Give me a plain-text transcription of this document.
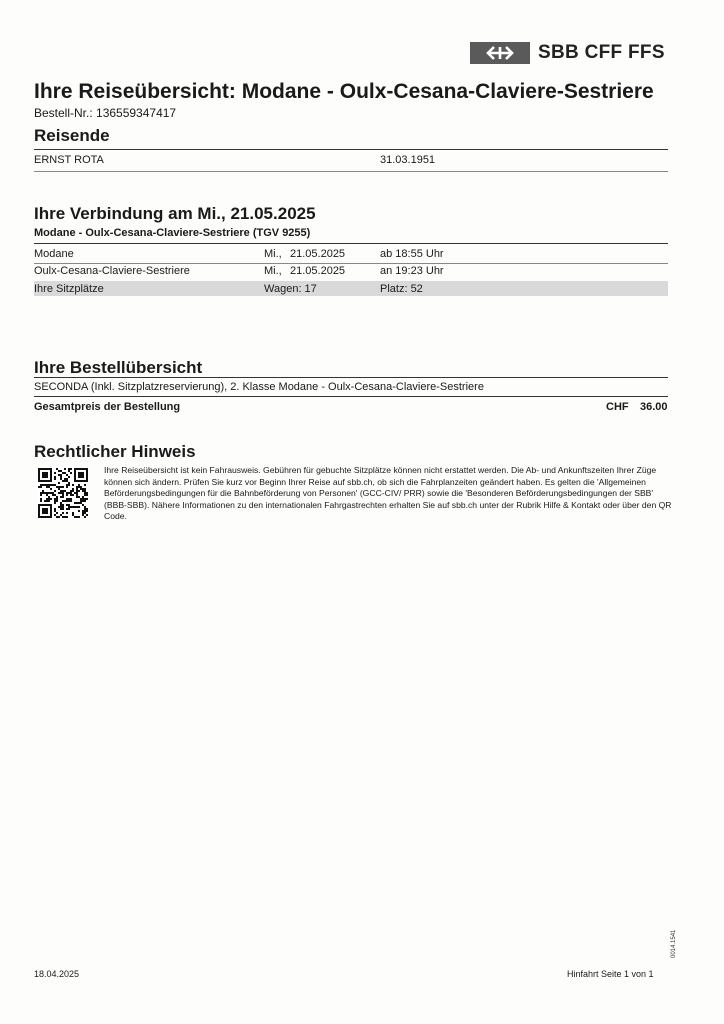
SBB CFF FFS
Ihre Reiseübersicht: Modane - Oulx-Cesana-Claviere-Sestriere
Bestell-Nr.: 136559347417
Reisende
ERNST ROTA	31.03.1951
Ihre Verbindung am Mi., 21.05.2025
Modane - Oulx-Cesana-Claviere-Sestriere (TGV 9255)
Modane	Mi., 21.05.2025	ab 18:55 Uhr
Oulx-Cesana-Claviere-Sestriere	Mi., 21.05.2025	an 19:23 Uhr
Ihre Sitzplätze	Wagen: 17	Platz: 52
Ihre Bestellübersicht
SECONDA (Inkl. Sitzplatzreservierung), 2. Klasse Modane - Oulx-Cesana-Claviere-Sestriere
Gesamtpreis der Bestellung	CHF 36.00
Rechtlicher Hinweis
Ihre Reiseübersicht ist kein Fahrausweis. Gebühren für gebuchte Sitzplätze können nicht erstattet werden. Die Ab- und Ankunftszeiten Ihrer Züge können sich ändern. Prüfen Sie kurz vor Beginn Ihrer Reise auf sbb.ch, ob sich die Fahrplanzeiten geändert haben. Es gelten die 'Allgemeinen Beförderungsbedingungen für die Bahnbeförderung von Personen' (GCC-CIV/ PRR) sowie die 'Besonderen Beförderungsbedingungen der SBB' (BBB-SBB). Nähere Informationen zu den internationalen Fahrgastrechten erhalten Sie auf sbb.ch unter der Rubrik Hilfe & Kontakt oder über den QR Code.
18.04.2025	Hinfahrt Seite 1 von 1
0014.1541
